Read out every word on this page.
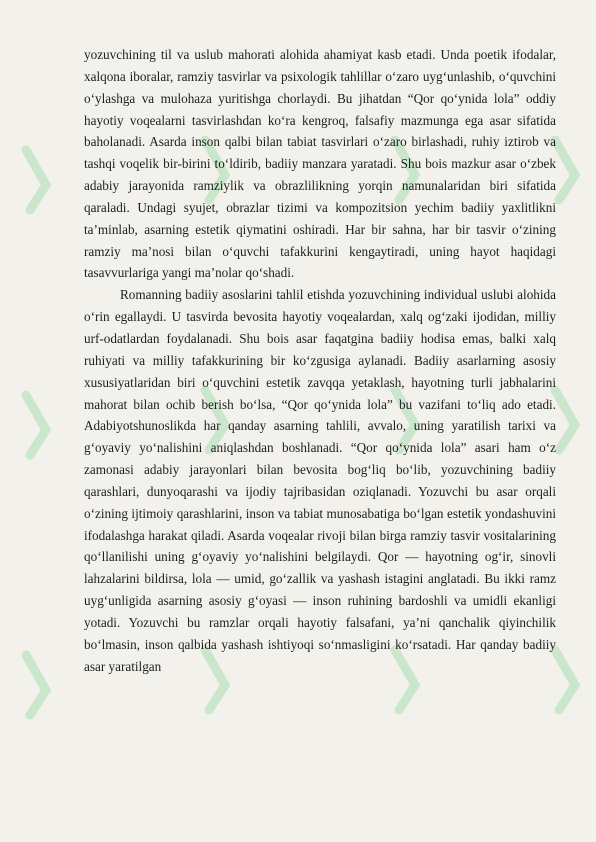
yozuvchining til va uslub mahorati alohida ahamiyat kasb etadi. Unda poetik ifodalar, xalqona iboralar, ramziy tasvirlar va psixologik tahlillar o‘zaro uyg‘unlashib, o‘quvchini o‘ylashga va mulohaza yuritishga chorlaydi. Bu jihatdan “Qor qo‘ynida lola” oddiy hayotiy voqealarni tasvirlashdan ko‘ra kengroq, falsafiy mazmunga ega asar sifatida baholanadi. Asarda inson qalbi bilan tabiat tasvirlari o‘zaro birlashadi, ruhiy iztirob va tashqi voqelik bir-birini to‘ldirib, badiiy manzara yaratadi. Shu bois mazkur asar o‘zbek adabiy jarayonida ramziylik va obrazlilikning yorqin namunalaridan biri sifatida qaraladi. Undagi syujet, obrazlar tizimi va kompozitsion yechim badiiy yaxlitlikni ta’minlab, asarning estetik qiymatini oshiradi. Har bir sahna, har bir tasvir o‘zining ramziy ma’nosi bilan o‘quvchi tafakkurini kengaytiradi, uning hayot haqidagi tasavvurlariga yangi ma’nolar qo‘shadi.

Romanning badiiy asoslarini tahlil etishda yozuvchining individual uslubi alohida o‘rin egallaydi. U tasvirda bevosita hayotiy voqealardan, xalq og‘zaki ijodidan, milliy urf-odatlardan foydalanadi. Shu bois asar faqatgina badiiy hodisa emas, balki xalq ruhiyati va milliy tafakkurining bir ko‘zgusiga aylanadi. Badiiy asarlarning asosiy xususiyatlaridan biri o‘quvchini estetik zavqqa yetaklash, hayotning turli jabhalarini mahorat bilan ochib berish bo‘lsa, “Qor qo‘ynida lola” bu vazifani to‘liq ado etadi. Adabiyotshunoslikda har qanday asarning tahlili, avvalo, uning yaratilish tarixi va g‘oyaviy yo‘nalishini aniqlashdan boshlanadi. “Qor qo‘ynida lola” asari ham o‘z zamonasi adabiy jarayonlari bilan bevosita bog‘liq bo‘lib, yozuvchining badiiy qarashlari, dunyoqarashi va ijodiy tajribasidan oziqlanadi. Yozuvchi bu asar orqali o‘zining ijtimoiy qarashlarini, inson va tabiat munosabatiga bo‘lgan estetik yondashuvini ifodalashga harakat qiladi. Asarda voqealar rivoji bilan birga ramziy tasvir vositalarining qo‘llanilishi uning g‘oyaviy yo‘nalishini belgilaydi. Qor — hayotning og‘ir, sinovli lahzalarini bildirsa, lola — umid, go‘zallik va yashash istagini anglatadi. Bu ikki ramz uyg‘unligida asarning asosiy g‘oyasi — inson ruhining bardoshli va umidli ekanligi yotadi. Yozuvchi bu ramzlar orqali hayotiy falsafani, ya’ni qanchalik qiyinchilik bo‘lmasin, inson qalbida yashash ishtiyoqi so‘nmasligini ko‘rsatadi. Har qanday badiiy asar yaratilgan
